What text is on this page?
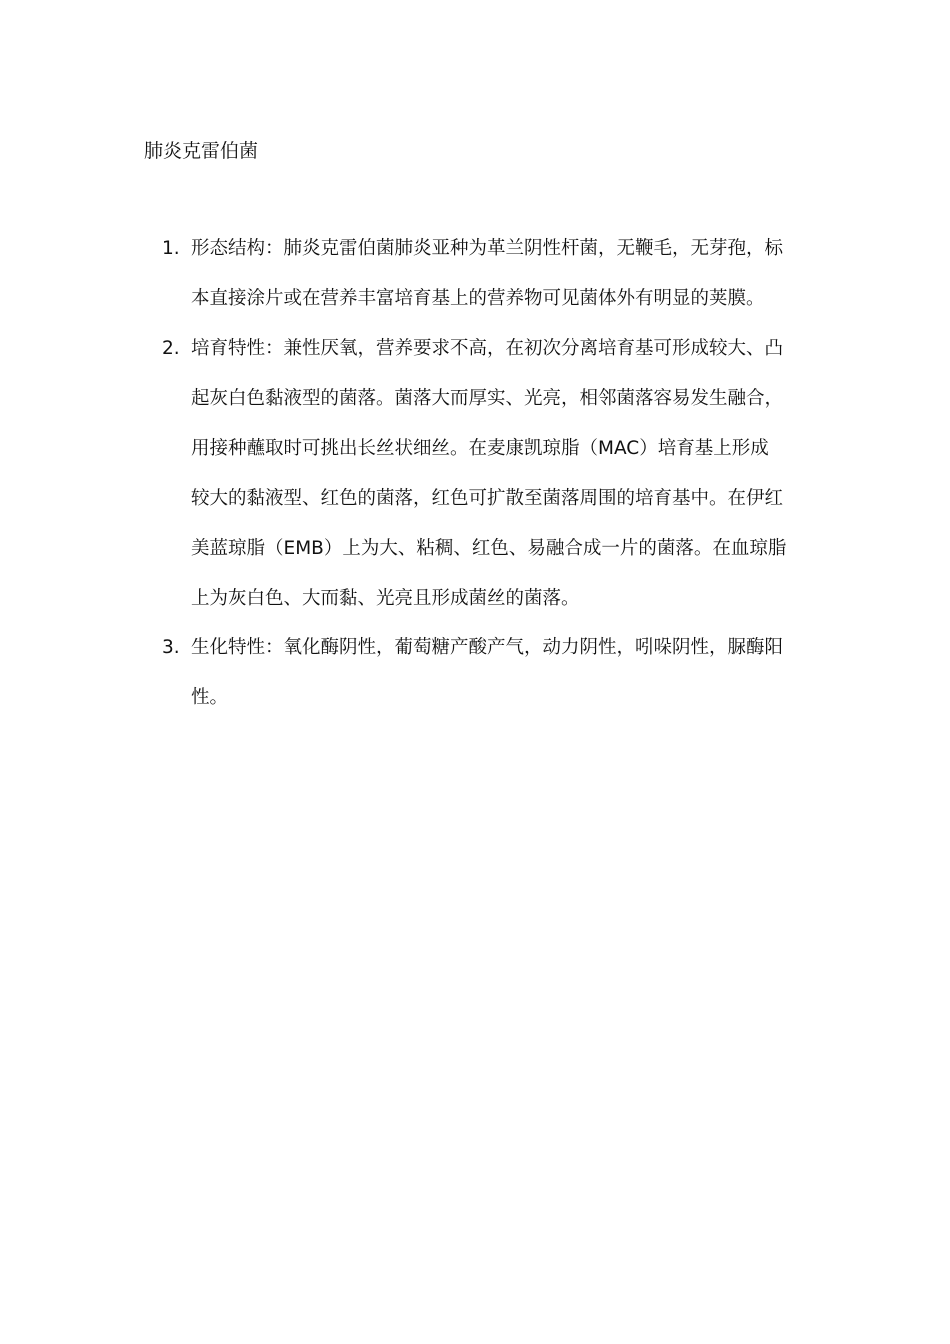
肺炎克雷伯菌
1. 形态结构：肺炎克雷伯菌肺炎亚种为革兰阴性杆菌，无鞭毛，无芽孢，标
本直接涂片或在营养丰富培育基上的营养物可见菌体外有明显的荚膜。
2. 培育特性：兼性厌氧，营养要求不高，在初次分离培育基可形成较大、凸
起灰白色黏液型的菌落。菌落大而厚实、光亮，相邻菌落容易发生融合，
用接种蘸取时可挑出长丝状细丝。在麦康凯琼脂（MAC）培育基上形成
较大的黏液型、红色的菌落，红色可扩散至菌落周围的培育基中。在伊红
美蓝琼脂（EMB）上为大、粘稠、红色、易融合成一片的菌落。在血琼脂
上为灰白色、大而黏、光亮且形成菌丝的菌落。
3. 生化特性：氧化酶阴性，葡萄糖产酸产气，动力阴性，吲哚阴性，脲酶阳
性。
